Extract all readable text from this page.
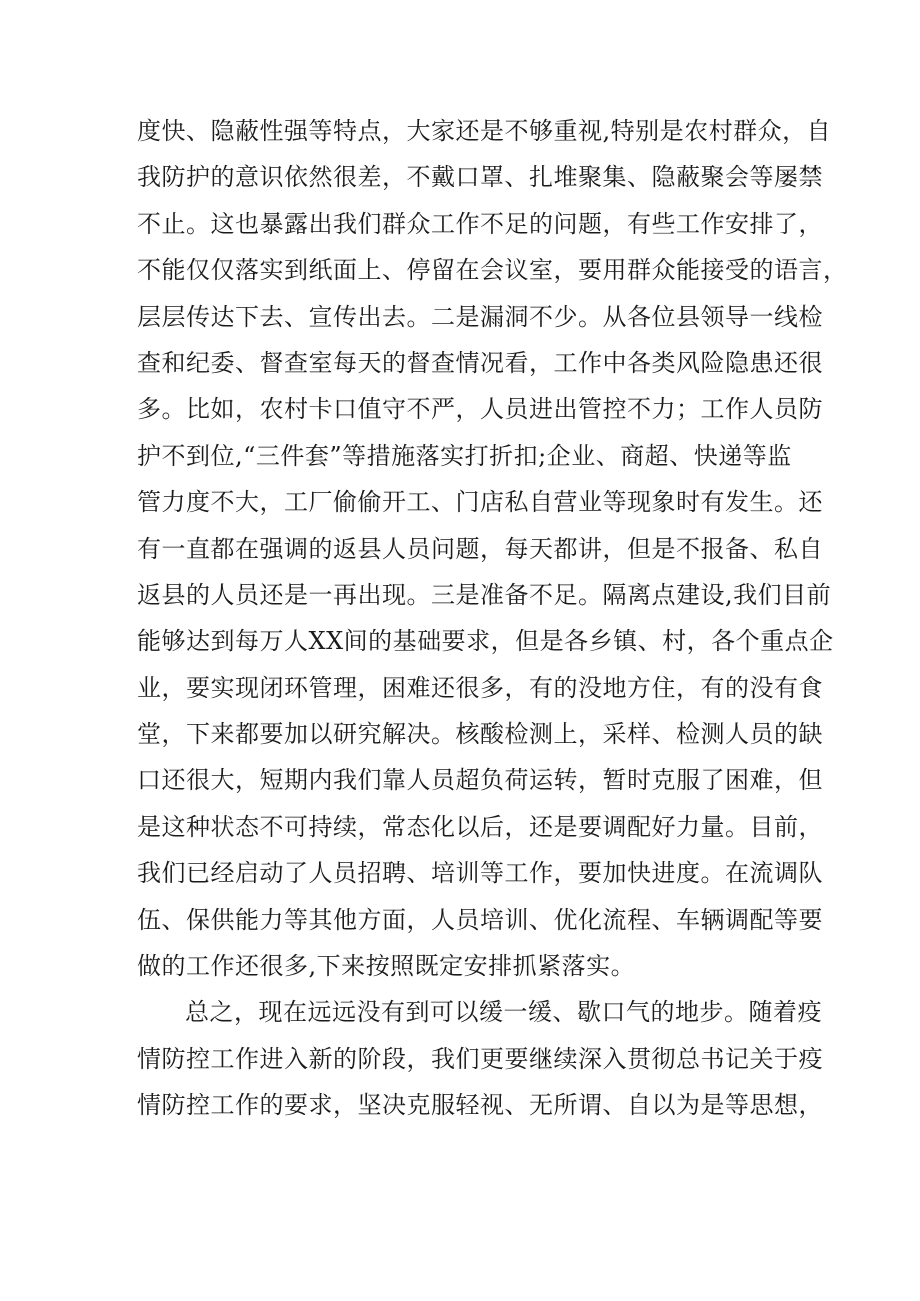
度快、隐蔽性强等特点，大家还是不够重视,特别是农村群众，自
我防护的意识依然很差，不戴口罩、扎堆聚集、隐蔽聚会等屡禁
不止。这也暴露出我们群众工作不足的问题，有些工作安排了，
不能仅仅落实到纸面上、停留在会议室，要用群众能接受的语言，
层层传达下去、宣传出去。二是漏洞不少。从各位县领导一线检
查和纪委、督查室每天的督查情况看，工作中各类风险隐患还很
多。比如，农村卡口值守不严，人员进出管控不力；工作人员防
护不到位,“三件套”等措施落实打折扣;企业、商超、快递等监
管力度不大，工厂偷偷开工、门店私自营业等现象时有发生。还
有一直都在强调的返县人员问题，每天都讲，但是不报备、私自
返县的人员还是一再出现。三是准备不足。隔离点建设,我们目前
能够达到每万人XX间的基础要求，但是各乡镇、村，各个重点企
业，要实现闭环管理，困难还很多，有的没地方住，有的没有食
堂，下来都要加以研究解决。核酸检测上，采样、检测人员的缺
口还很大，短期内我们靠人员超负荷运转，暂时克服了困难，但
是这种状态不可持续，常态化以后，还是要调配好力量。目前，
我们已经启动了人员招聘、培训等工作，要加快进度。在流调队
伍、保供能力等其他方面，人员培训、优化流程、车辆调配等要
做的工作还很多,下来按照既定安排抓紧落实。
总之，现在远远没有到可以缓一缓、歇口气的地步。随着疫
情防控工作进入新的阶段，我们更要继续深入贯彻总书记关于疫
情防控工作的要求，坚决克服轻视、无所谓、自以为是等思想，
